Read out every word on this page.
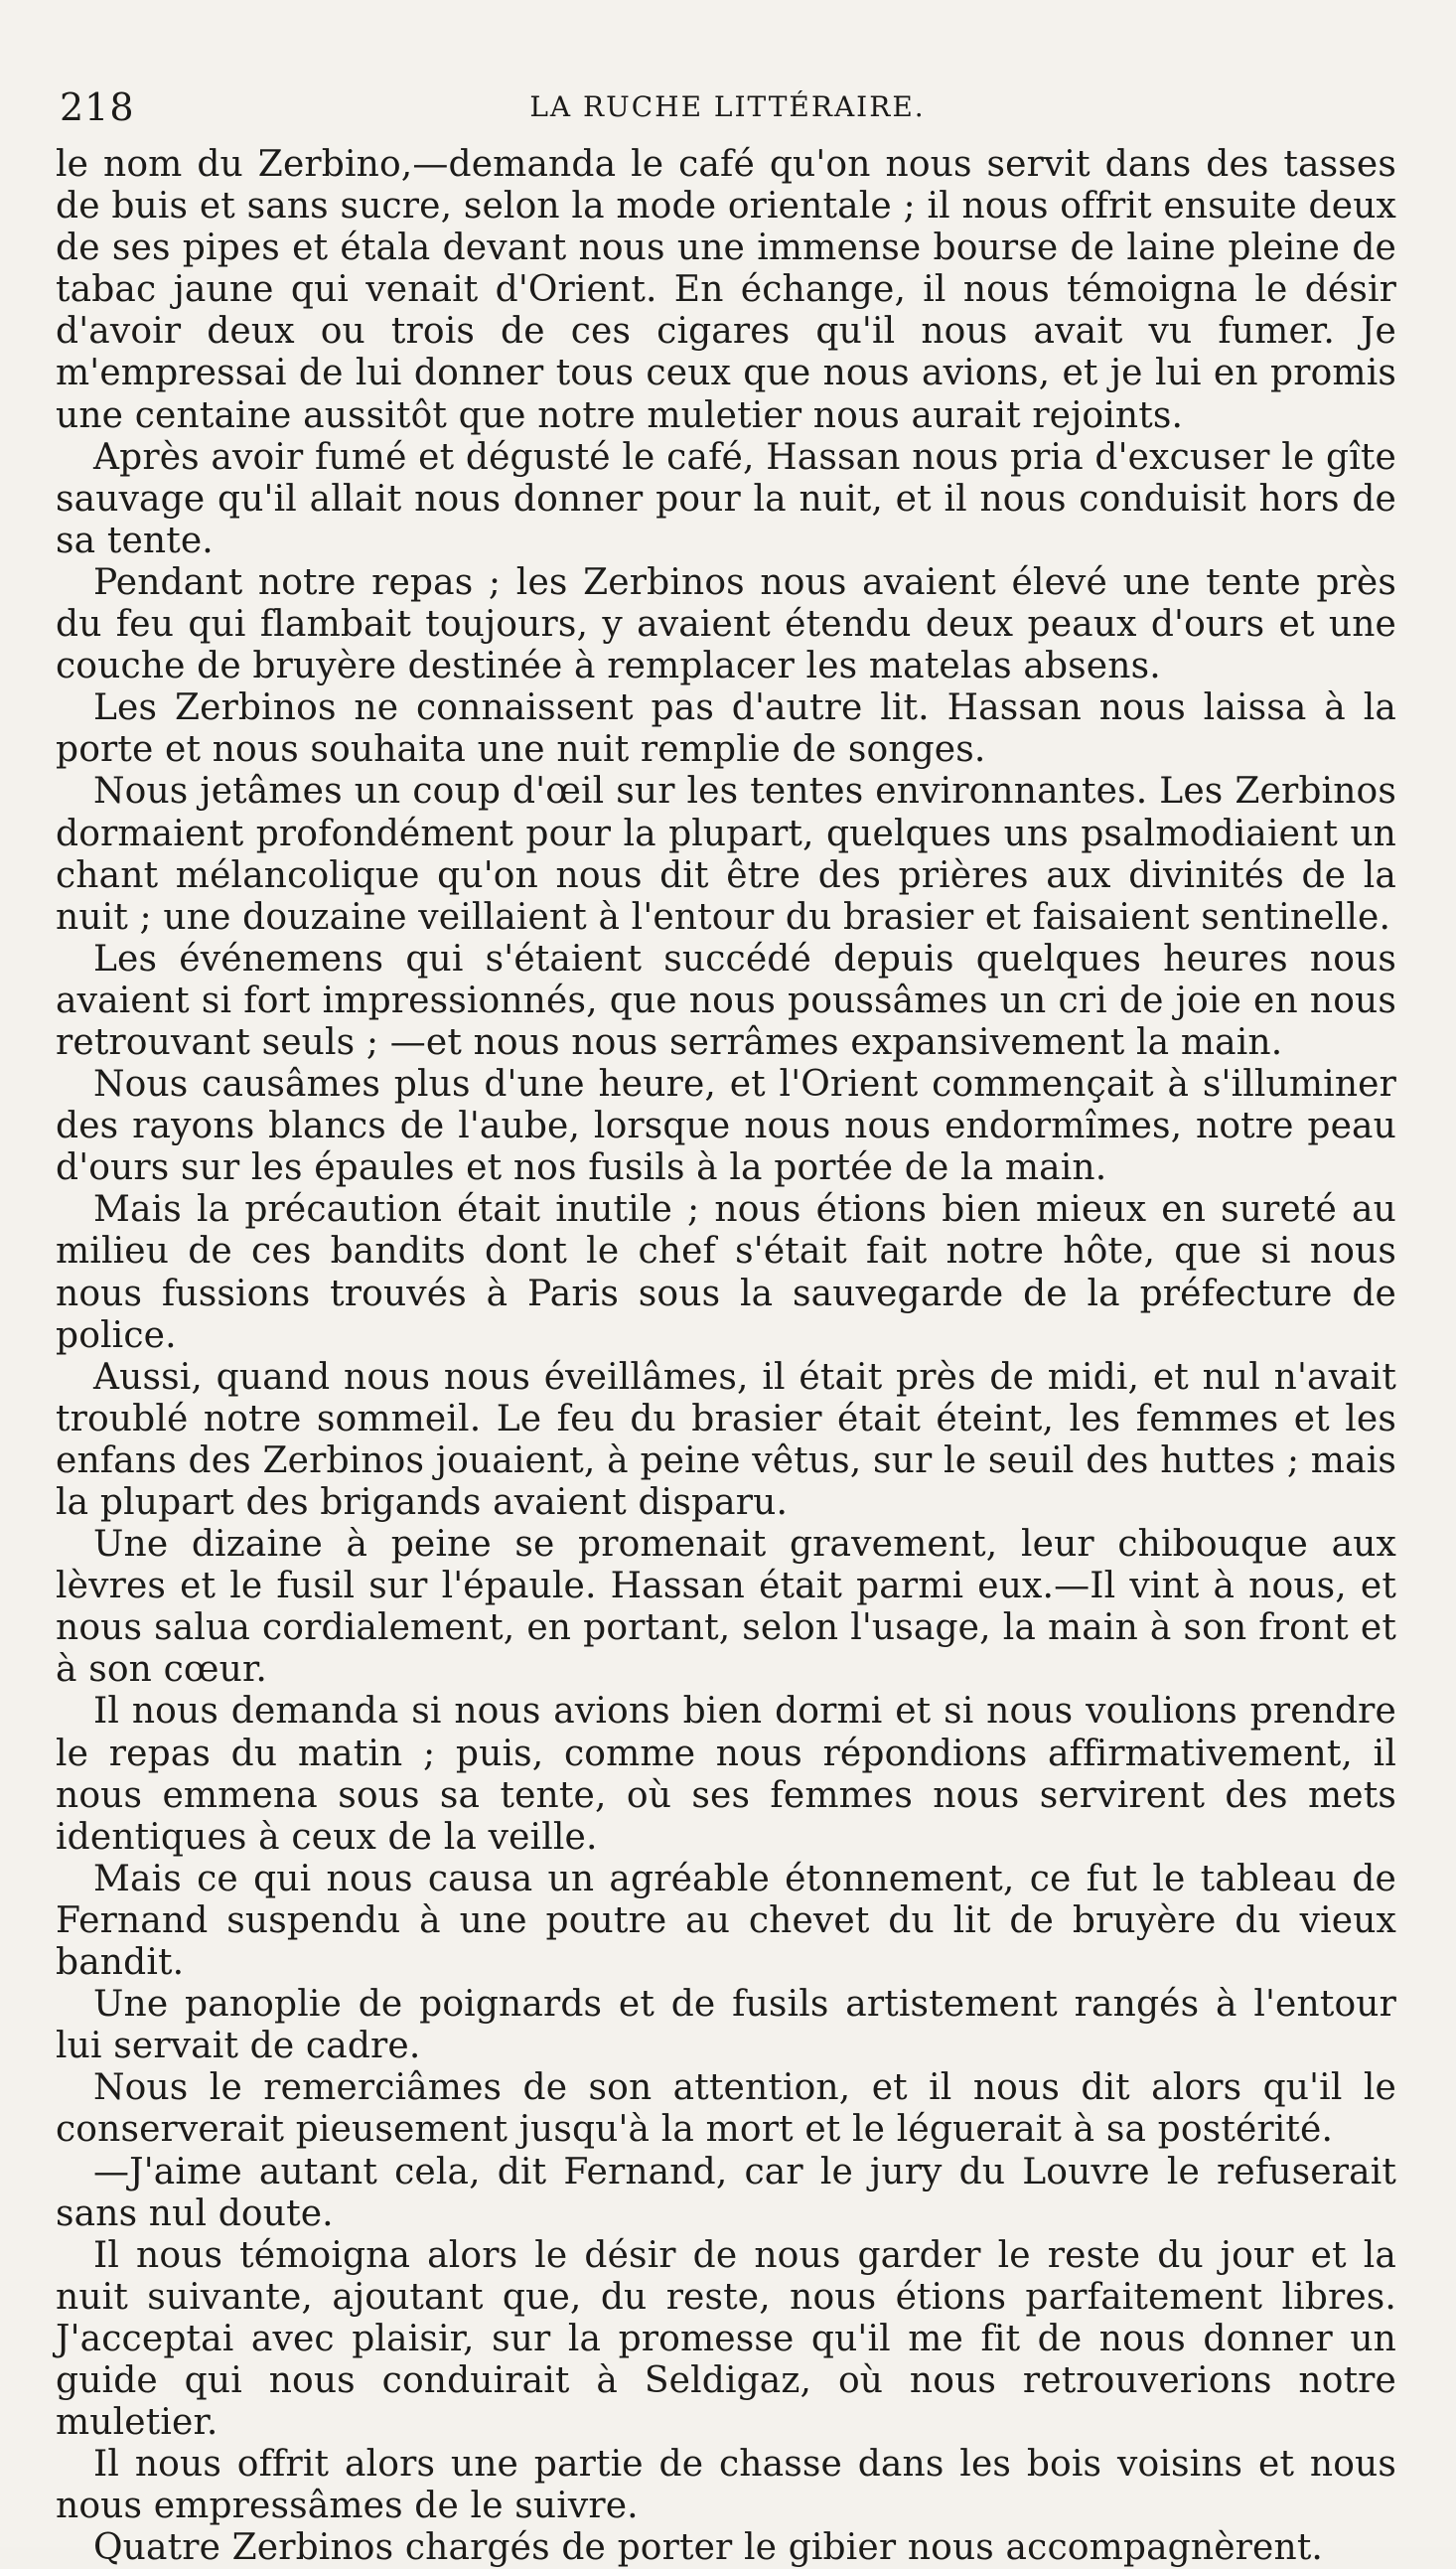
218	LA RUCHE LITTÉRAIRE.

le nom du Zerbino,—demanda le café qu'on nous servit dans des tasses de buis et sans sucre, selon la mode orientale ; il nous offrit ensuite deux de ses pipes et étala devant nous une immense bourse de laine pleine de tabac jaune qui venait d'Orient. En échange, il nous témoigna le désir d'avoir deux ou trois de ces cigares qu'il nous avait vu fumer. Je m'empressai de lui donner tous ceux que nous avions, et je lui en promis une centaine aussitôt que notre muletier nous aurait rejoints.

Après avoir fumé et dégusté le café, Hassan nous pria d'excuser le gîte sauvage qu'il allait nous donner pour la nuit, et il nous conduisit hors de sa tente.

Pendant notre repas ; les Zerbinos nous avaient élevé une tente près du feu qui flambait toujours, y avaient étendu deux peaux d'ours et une couche de bruyère destinée à remplacer les matelas absens.

Les Zerbinos ne connaissent pas d'autre lit. Hassan nous laissa à la porte et nous souhaita une nuit remplie de songes.

Nous jetâmes un coup d'œil sur les tentes environnantes. Les Zerbinos dormaient profondément pour la plupart, quelques uns psalmodiaient un chant mélancolique qu'on nous dit être des prières aux divinités de la nuit ; une douzaine veillaient à l'entour du brasier et faisaient sentinelle.

Les événemens qui s'étaient succédé depuis quelques heures nous avaient si fort impressionnés, que nous poussâmes un cri de joie en nous retrouvant seuls ; —et nous nous serrâmes expansivement la main.

Nous causâmes plus d'une heure, et l'Orient commençait à s'illuminer des rayons blancs de l'aube, lorsque nous nous endormîmes, notre peau d'ours sur les épaules et nos fusils à la portée de la main.

Mais la précaution était inutile ; nous étions bien mieux en sureté au milieu de ces bandits dont le chef s'était fait notre hôte, que si nous nous fussions trouvés à Paris sous la sauvegarde de la préfecture de police.

Aussi, quand nous nous éveillâmes, il était près de midi, et nul n'avait troublé notre sommeil. Le feu du brasier était éteint, les femmes et les enfans des Zerbinos jouaient, à peine vêtus, sur le seuil des huttes ; mais la plupart des brigands avaient disparu.

Une dizaine à peine se promenait gravement, leur chibouque aux lèvres et le fusil sur l'épaule. Hassan était parmi eux.—Il vint à nous, et nous salua cordialement, en portant, selon l'usage, la main à son front et à son cœur.

Il nous demanda si nous avions bien dormi et si nous voulions prendre le repas du matin ; puis, comme nous répondions affirmativement, il nous emmena sous sa tente, où ses femmes nous servirent des mets identiques à ceux de la veille.

Mais ce qui nous causa un agréable étonnement, ce fut le tableau de Fernand suspendu à une poutre au chevet du lit de bruyère du vieux bandit.

Une panoplie de poignards et de fusils artistement rangés à l'entour lui servait de cadre.

Nous le remerciâmes de son attention, et il nous dit alors qu'il le conserverait pieusement jusqu'à la mort et le léguerait à sa postérité.

—J'aime autant cela, dit Fernand, car le jury du Louvre le refuserait sans nul doute.

Il nous témoigna alors le désir de nous garder le reste du jour et la nuit suivante, ajoutant que, du reste, nous étions parfaitement libres. J'acceptai avec plaisir, sur la promesse qu'il me fit de nous donner un guide qui nous conduirait à Seldigaz, où nous retrouverions notre muletier.

Il nous offrit alors une partie de chasse dans les bois voisins et nous nous empressâmes de le suivre.

Quatre Zerbinos chargés de porter le gibier nous accompagnèrent.
